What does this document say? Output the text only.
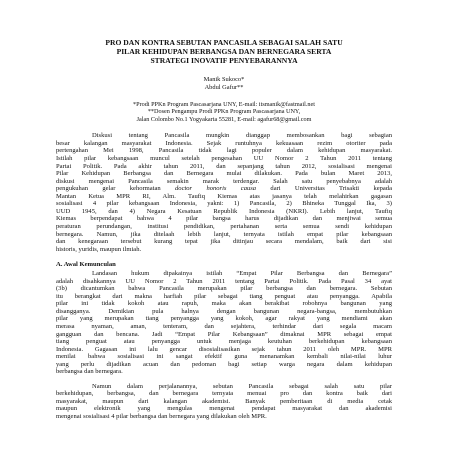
PRO DAN KONTRA SEBUTAN PANCASILA SEBAGAI SALAH SATU
PILAR KEHIDUPAN BERBANGSA DAN BERNEGARA SERTA
STRATEGI INOVATIF PENYEBARANNYA
Manik Sukoco*
Abdul Gafur**
*Prodi PPKn Program Pascasarjana UNY, E-mail: itsmanik@fastmail.net
**Dosen Pengampu Prodi PPKn Program Pascasarjana UNY,
Jalan Colombo No.1 Yogyakarta 55281, E-mail: agafur68@gmail.com
Diskusi tentang Pancasila mungkin dianggap membosankan bagi sebagian
besar kalangan masyarakat Indonesia. Sejak runtuhnya kekuasaan rezim otoriter pada
pertengahan Mei 1998, Pancasila tidak lagi populer dalam kehidupan masyarakat.
Istilah pilar kebangsaan muncul setelah pengesahan UU Nomor 2 Tahun 2011 tentang
Partai Politik. Pada akhir tahun 2011, dan sepanjang tahun 2012, sosialisasi mengenai
Pilar Kehidupan Berbangsa dan Bernegara mulai dilakukan. Pada bulan Maret 2013,
diskusi mengenai Pancasila semakin marak terdengar. Salah satu penyebabnya adalah
pengukuhan gelar kehormatan doctor honoris causa dari Universitas Trisakti kepada
Mantan Ketua MPR RI, Alm. Taufiq Kiemas atas jasanya telah melahirkan gagasan
sosialisasi 4 pilar kebangsaan Indonesia, yakni: 1) Pancasila, 2) Bhineka Tunggal Ika, 3)
UUD 1945, dan 4) Negara Kesatuan Republik Indonesia (NKRI). Lebih lanjut, Taufiq
Kiemas berpendapat bahwa 4 pilar bangsa harus dijadikan dan menjiwai semua
peraturan perundangan, institusi pendidikan, pertahanan serta semua sendi kehidupan
bernegara. Namun, jika ditelaah lebih lanjut, ternyata istilah empat pilar kebangsaan
dan kenegaraan tersebut kurang tepat jika ditinjau secara mendalam, baik dari sisi
historis, yuridis, maupun ilmiah.
A. Awal Kemunculan
Landasan hukum dipakainya istilah “Empat Pilar Berbangsa dan Bernegara”
adalah disahkannya UU Nomor 2 Tahun 2011 tentang Partai Politik. Pada Pasal 34 ayat
(3b) dicantumkan bahwa Pancasila merupakan pilar berbangsa dan bernegara. Sebutan
itu berangkat dari makna harfiah pilar sebagai tiang penguat atau penyangga. Apabila
pilar ini tidak kokoh atau rapuh, maka akan berakibat robohnya bangunan yang
disangganya. Demikian pula halnya dengan bangunan negara-bangsa, membutuhkan
pilar yang merupakan tiang penyangga yang kokoh, agar rakyat yang mendiami akan
merasa nyaman, aman, tenteram, dan sejahtera, terhindar dari segala macam
gangguan dan bencana. Jadi “Empat Pilar Kebangsaan” dimaknai MPR sebagai empat
tiang penguat atau penyangga untuk menjaga keutuhan berkehidupan kebangsaan
Indonesia. Gagasan ini lalu gencar disosialisasikan sejak tahun 2011 oleh MPR. MPR
menilai bahwa sosialisasi ini sangat efektif guna menanamkan kembali nilai-nilai luhur
yang perlu dijadikan acuan dan pedoman bagi setiap warga negara dalam kehidupan
berbangsa dan bernegara.
Namun dalam perjalanannya, sebutan Pancasila sebagai salah satu pilar
berkehidupan, berbangsa, dan bernegara ternyata menuai pro dan kontra baik dari
masyarakat, maupun dari kalangan akademisi. Banyak pemberitaan di media cetak
maupun elektronik yang mengulas mengenai pendapat masyarakat dan akademisi
mengenai sosialisasi 4 pilar berbangsa dan bernegara yang dilakukan oleh MPR.
